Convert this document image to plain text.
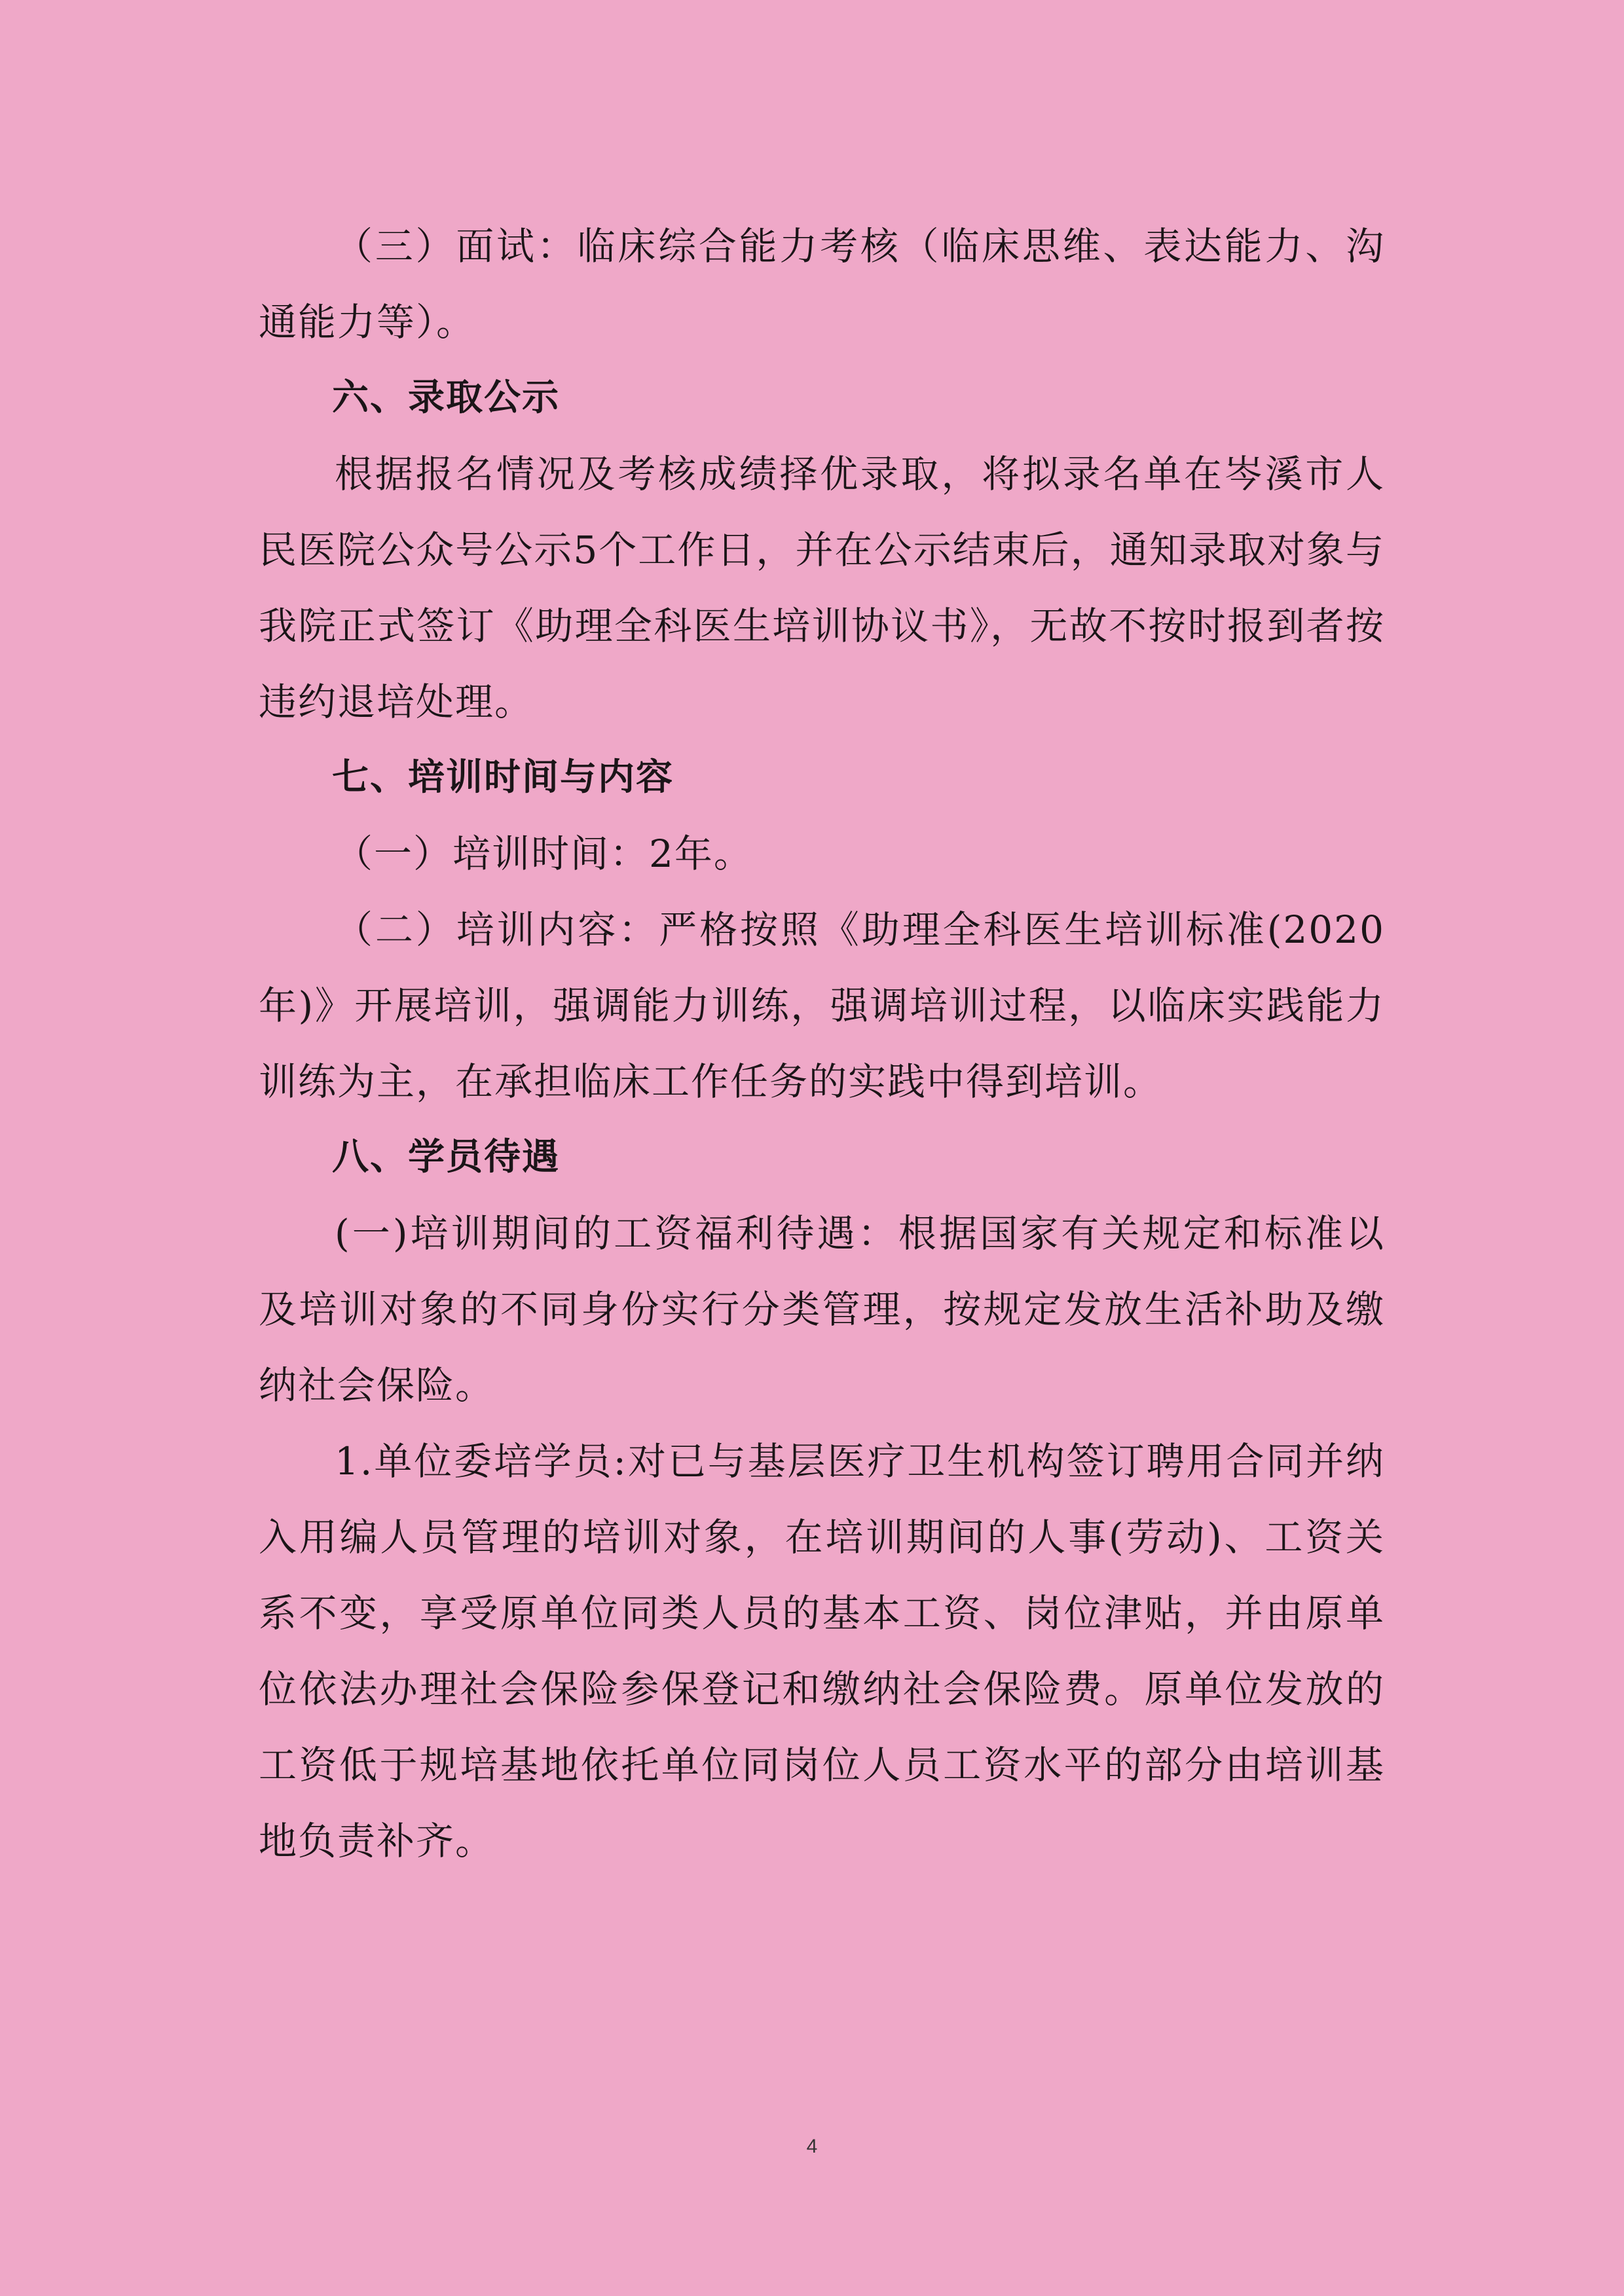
（三）面试：临床综合能力考核（临床思维、表达能力、沟通能力等）。

六、录取公示

根据报名情况及考核成绩择优录取，将拟录名单在岑溪市人民医院公众号公示5个工作日，并在公示结束后，通知录取对象与我院正式签订《助理全科医生培训协议书》，无故不按时报到者按违约退培处理。

七、培训时间与内容

（一）培训时间：2年。

（二）培训内容：严格按照《助理全科医生培训标准(2020年)》开展培训，强调能力训练，强调培训过程，以临床实践能力训练为主，在承担临床工作任务的实践中得到培训。

八、学员待遇

(一)培训期间的工资福利待遇：根据国家有关规定和标准以及培训对象的不同身份实行分类管理，按规定发放生活补助及缴纳社会保险。

1.单位委培学员:对已与基层医疗卫生机构签订聘用合同并纳入用编人员管理的培训对象，在培训期间的人事(劳动)、工资关系不变，享受原单位同类人员的基本工资、岗位津贴，并由原单位依法办理社会保险参保登记和缴纳社会保险费。原单位发放的工资低于规培基地依托单位同岗位人员工资水平的部分由培训基地负责补齐。

4
